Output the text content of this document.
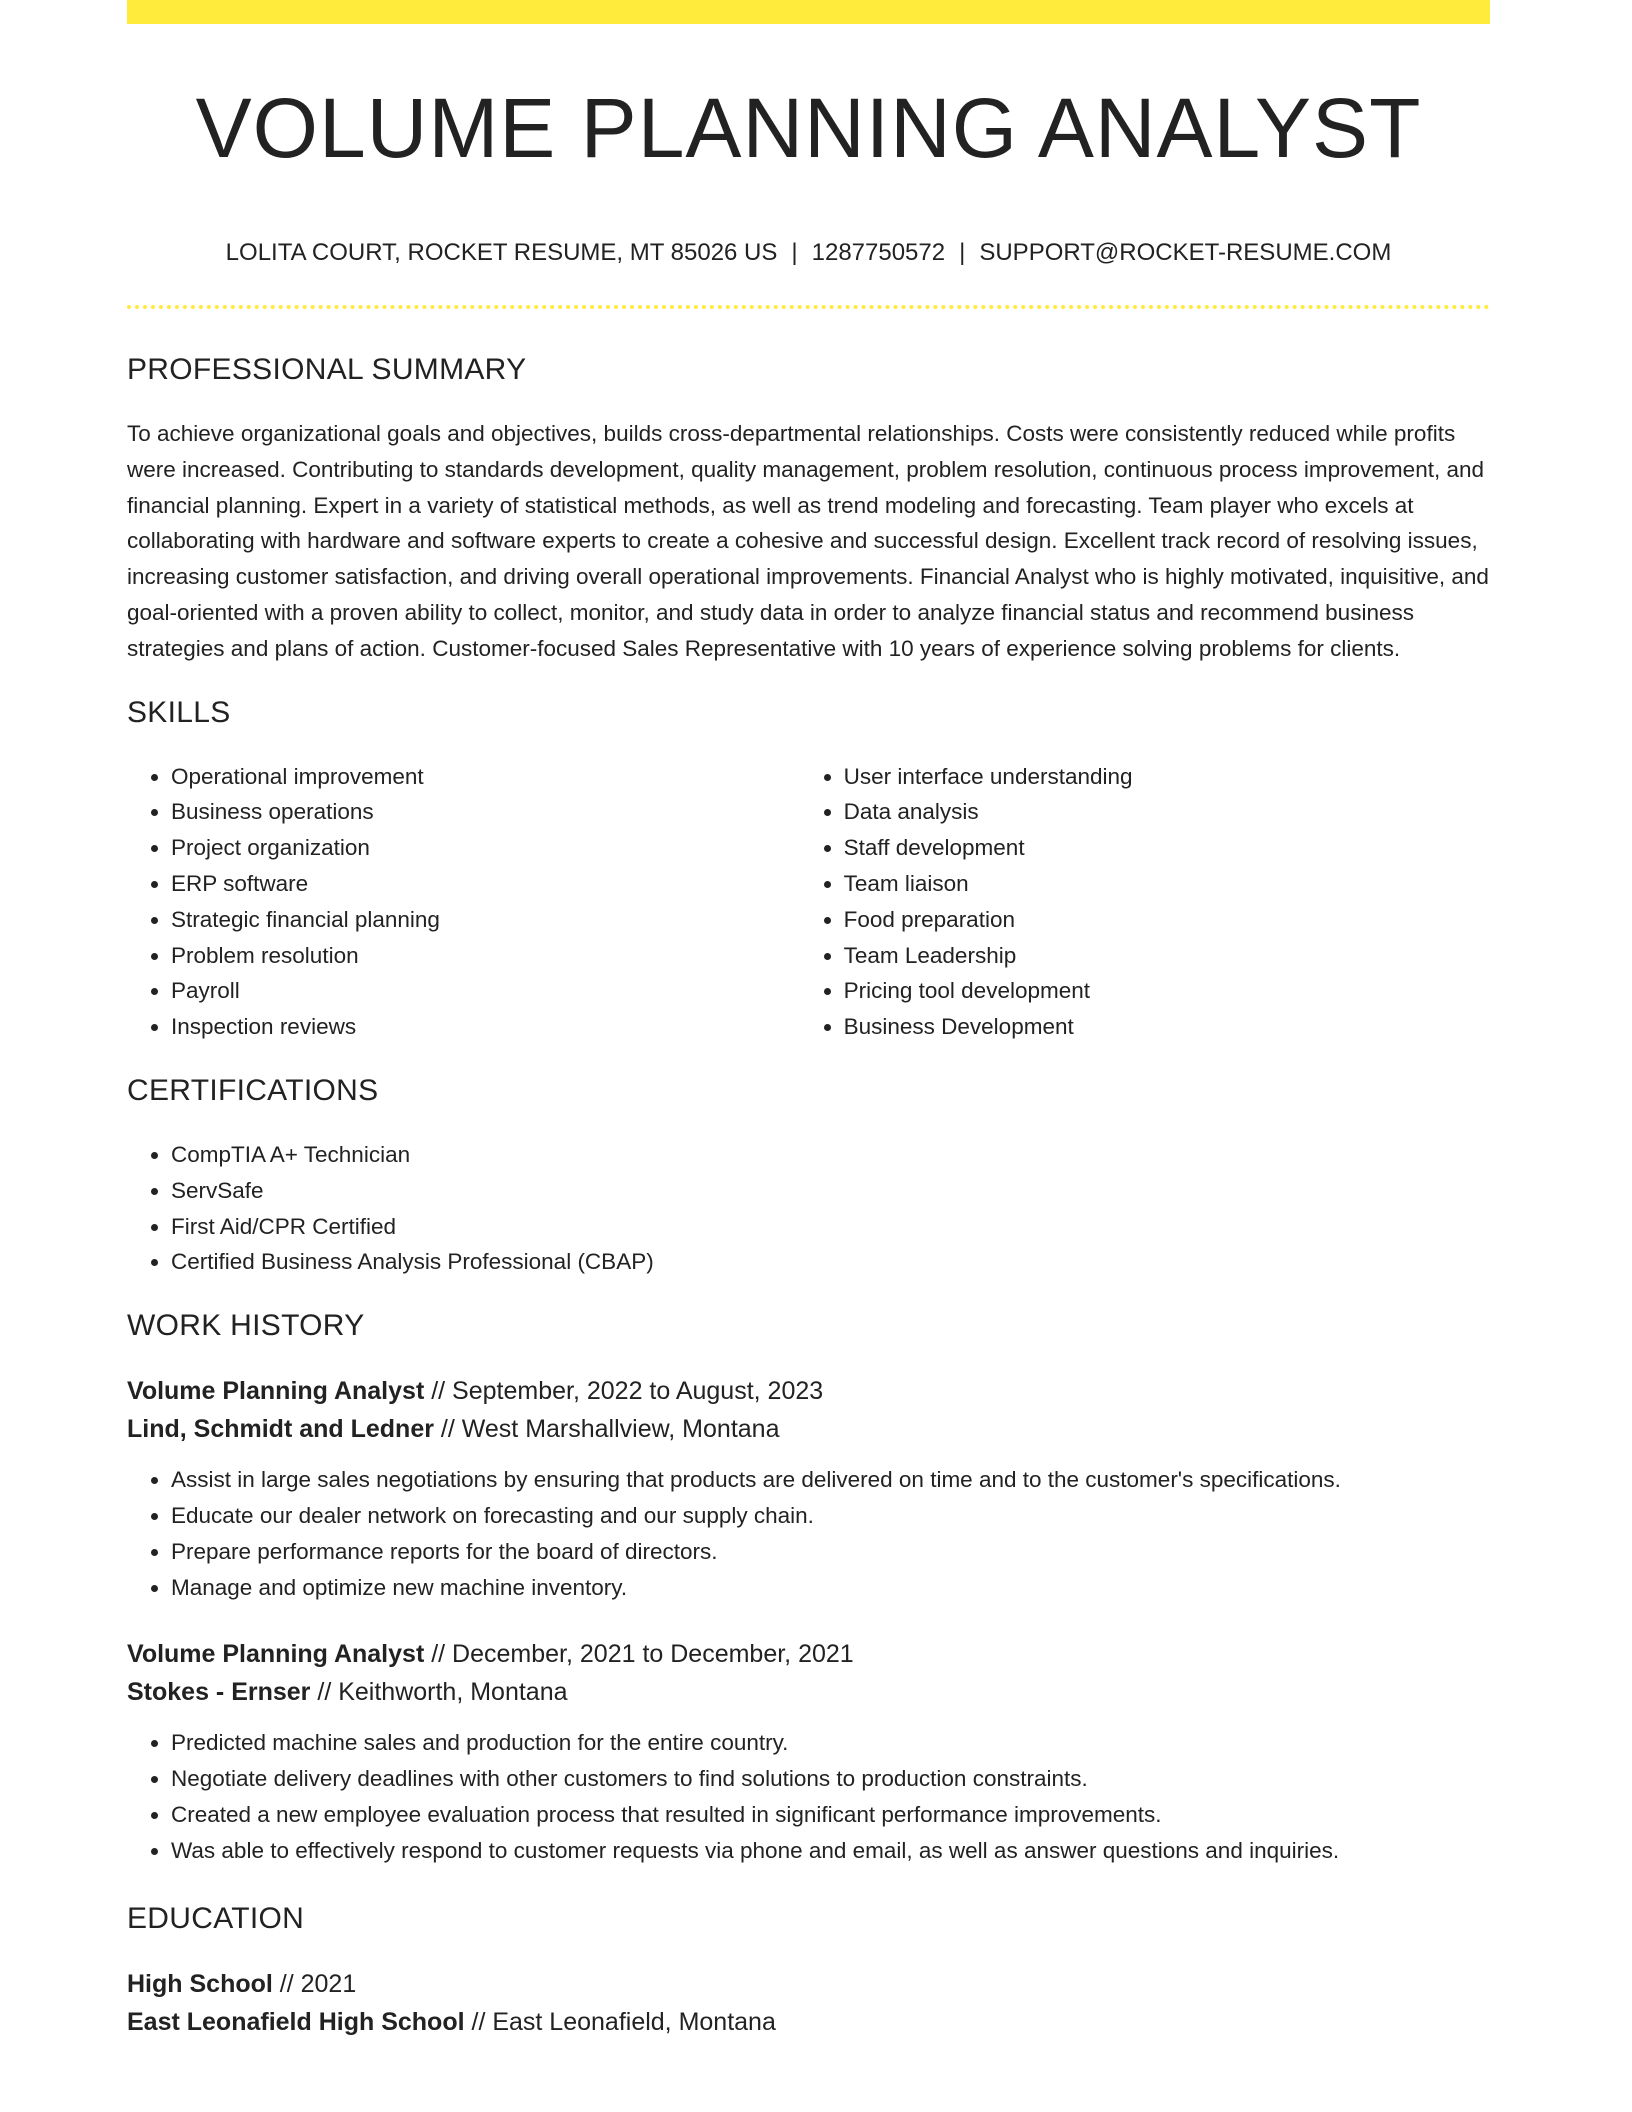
VOLUME PLANNING ANALYST
LOLITA COURT, ROCKET RESUME, MT 85026 US | 1287750572 | SUPPORT@ROCKET-RESUME.COM
PROFESSIONAL SUMMARY

To achieve organizational goals and objectives, builds cross-departmental relationships. Costs were consistently reduced while profits were increased. Contributing to standards development, quality management, problem resolution, continuous process improvement, and financial planning. Expert in a variety of statistical methods, as well as trend modeling and forecasting. Team player who excels at collaborating with hardware and software experts to create a cohesive and successful design. Excellent track record of resolving issues, increasing customer satisfaction, and driving overall operational improvements. Financial Analyst who is highly motivated, inquisitive, and goal-oriented with a proven ability to collect, monitor, and study data in order to analyze financial status and recommend business strategies and plans of action. Customer-focused Sales Representative with 10 years of experience solving problems for clients.

SKILLS
• Operational improvement
• Business operations
• Project organization
• ERP software
• Strategic financial planning
• Problem resolution
• Payroll
• Inspection reviews
• User interface understanding
• Data analysis
• Staff development
• Team liaison
• Food preparation
• Team Leadership
• Pricing tool development
• Business Development
CERTIFICATIONS
• CompTIA A+ Technician
• ServSafe
• First Aid/CPR Certified
• Certified Business Analysis Professional (CBAP)
WORK HISTORY
Volume Planning Analyst // September, 2022 to August, 2023
Lind, Schmidt and Ledner // West Marshallview, Montana
• Assist in large sales negotiations by ensuring that products are delivered on time and to the customer's specifications.
• Educate our dealer network on forecasting and our supply chain.
• Prepare performance reports for the board of directors.
• Manage and optimize new machine inventory.
Volume Planning Analyst // December, 2021 to December, 2021
Stokes - Ernser // Keithworth, Montana
• Predicted machine sales and production for the entire country.
• Negotiate delivery deadlines with other customers to find solutions to production constraints.
• Created a new employee evaluation process that resulted in significant performance improvements.
• Was able to effectively respond to customer requests via phone and email, as well as answer questions and inquiries.
EDUCATION
High School // 2021
East Leonafield High School // East Leonafield, Montana
